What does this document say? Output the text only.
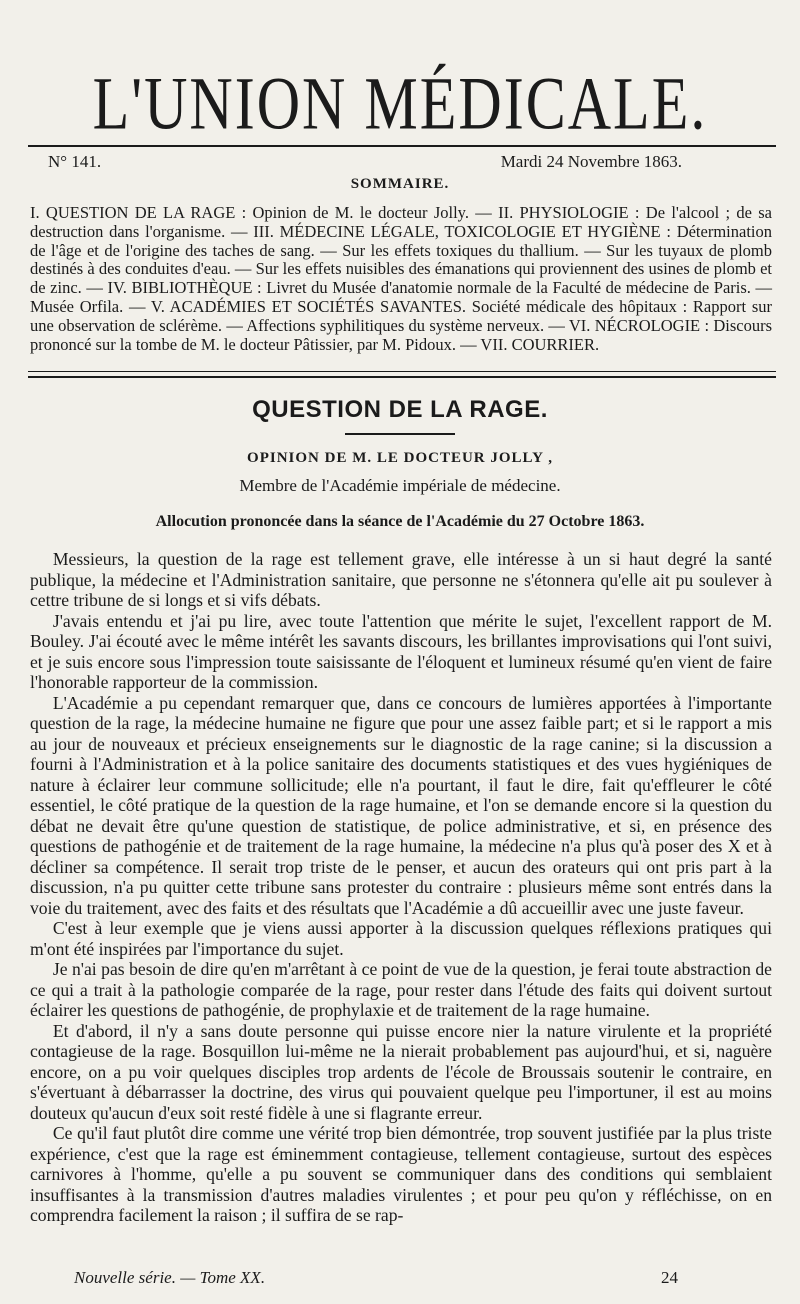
L'UNION MÉDICALE.
N° 141.	Mardi 24 Novembre 1863.
SOMMAIRE.
I. QUESTION DE LA RAGE : Opinion de M. le docteur Jolly. — II. PHYSIOLOGIE : De l'alcool ; de sa destruction dans l'organisme. — III. MÉDECINE LÉGALE, TOXICOLOGIE ET HYGIÈNE : Détermination de l'âge et de l'origine des taches de sang. — Sur les effets toxiques du thallium. — Sur les tuyaux de plomb destinés à des conduites d'eau. — Sur les effets nuisibles des émanations qui proviennent des usines de plomb et de zinc. — IV. BIBLIOTHÈQUE : Livret du Musée d'anatomie normale de la Faculté de médecine de Paris. — Musée Orfila. — V. ACADÉMIES ET SOCIÉTÉS SAVANTES. Société médicale des hôpitaux : Rapport sur une observation de sclérème. — Affections syphilitiques du système nerveux. — VI. NÉCROLOGIE : Discours prononcé sur la tombe de M. le docteur Pâtissier, par M. Pidoux. — VII. COURRIER.
QUESTION DE LA RAGE.
OPINION DE M. LE DOCTEUR JOLLY ,
Membre de l'Académie impériale de médecine.
Allocution prononcée dans la séance de l'Académie du 27 Octobre 1863.

Messieurs, la question de la rage est tellement grave, elle intéresse à un si haut degré la santé publique, la médecine et l'Administration sanitaire, que personne ne s'étonnera qu'elle ait pu soulever à cettre tribune de si longs et si vifs débats.

J'avais entendu et j'ai pu lire, avec toute l'attention que mérite le sujet, l'excellent rapport de M. Bouley. J'ai écouté avec le même intérêt les savants discours, les brillantes improvisations qui l'ont suivi, et je suis encore sous l'impression toute saisissante de l'éloquent et lumineux résumé qu'en vient de faire l'honorable rapporteur de la commission.

L'Académie a pu cependant remarquer que, dans ce concours de lumières apportées à l'importante question de la rage, la médecine humaine ne figure que pour une assez faible part; et si le rapport a mis au jour de nouveaux et précieux enseignements sur le diagnostic de la rage canine; si la discussion a fourni à l'Administration et à la police sanitaire des documents statistiques et des vues hygiéniques de nature à éclairer leur commune sollicitude; elle n'a pourtant, il faut le dire, fait qu'effleurer le côté essentiel, le côté pratique de la question de la rage humaine, et l'on se demande encore si la question du débat ne devait être qu'une question de statistique, de police administrative, et si, en présence des questions de pathogénie et de traitement de la rage humaine, la médecine n'a plus qu'à poser des X et à décliner sa compétence. Il serait trop triste de le penser, et aucun des orateurs qui ont pris part à la discussion, n'a pu quitter cette tribune sans protester du contraire : plusieurs même sont entrés dans la voie du traitement, avec des faits et des résultats que l'Académie a dû accueillir avec une juste faveur.

C'est à leur exemple que je viens aussi apporter à la discussion quelques réflexions pratiques qui m'ont été inspirées par l'importance du sujet.

Je n'ai pas besoin de dire qu'en m'arrêtant à ce point de vue de la question, je ferai toute abstraction de ce qui a trait à la pathologie comparée de la rage, pour rester dans l'étude des faits qui doivent surtout éclairer les questions de pathogénie, de prophylaxie et de traitement de la rage humaine.

Et d'abord, il n'y a sans doute personne qui puisse encore nier la nature virulente et la propriété contagieuse de la rage. Bosquillon lui-même ne la nierait probablement pas aujourd'hui, et si, naguère encore, on a pu voir quelques disciples trop ardents de l'école de Broussais soutenir le contraire, en s'évertuant à débarrasser la doctrine, des virus qui pouvaient quelque peu l'importuner, il est au moins douteux qu'aucun d'eux soit resté fidèle à une si flagrante erreur.

Ce qu'il faut plutôt dire comme une vérité trop bien démontrée, trop souvent justifiée par la plus triste expérience, c'est que la rage est éminemment contagieuse, tellement contagieuse, surtout des espèces carnivores à l'homme, qu'elle a pu souvent se communiquer dans des conditions qui semblaient insuffisantes à la transmission d'autres maladies virulentes ; et pour peu qu'on y réfléchisse, on en comprendra facilement la raison ; il suffira de se rap-

Nouvelle série. — Tome XX.	24
